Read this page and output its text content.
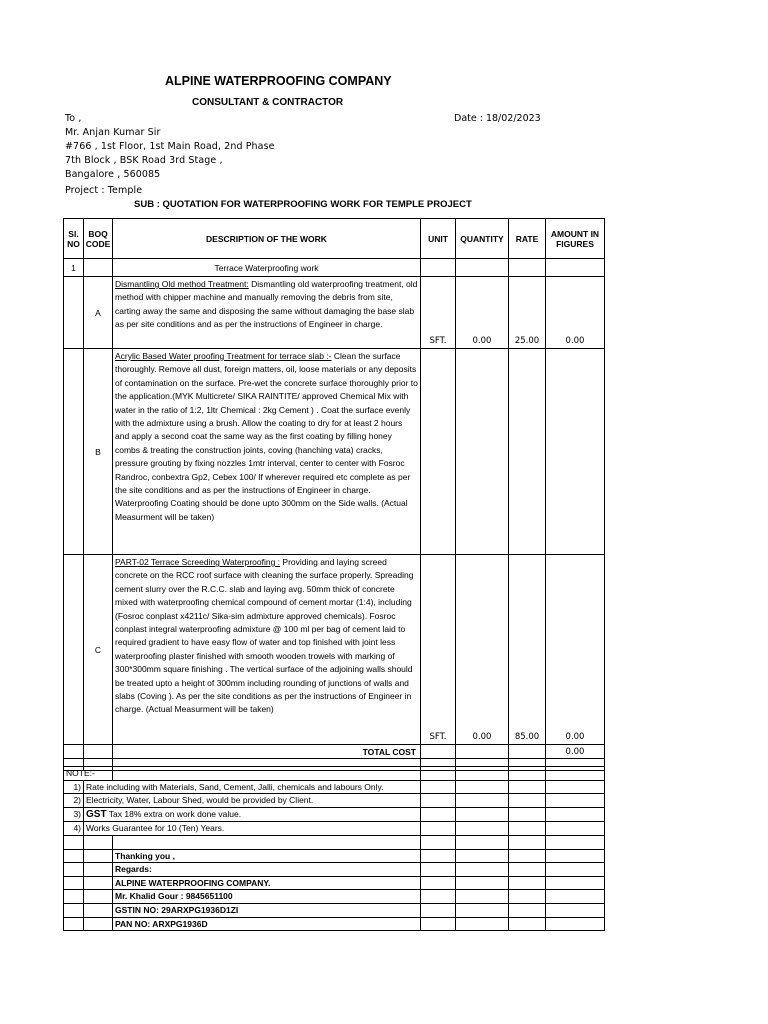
ALPINE WATERPROOFING COMPANY
CONSULTANT & CONTRACTOR
To ,	Date : 18/02/2023
Mr. Anjan Kumar Sir
#766 , 1st Floor, 1st Main Road, 2nd Phase
7th Block , BSK Road 3rd Stage ,
Bangalore , 560085
Project : Temple
SUB : QUOTATION FOR WATERPROOFING WORK FOR TEMPLE PROJECT
Sl. NO	BOQ CODE	DESCRIPTION OF THE WORK	UNIT	QUANTITY	RATE	AMOUNT IN FIGURES
1		Terrace Waterproofing work				
	A	Dismantling Old method Treatment: Dismantling old waterproofing treatment, old method with chipper machine and manually removing the debris from site, carting away the same and disposing the same without damaging the base slab as per site conditions and as per the instructions of Engineer in charge.	SFT.	0.00	25.00	0.00
	B	Acrylic Based Water proofing Treatment for terrace slab :- Clean the surface thoroughly. Remove all dust, foreign matters, oil, loose materials or any deposits of contamination on the surface. Pre-wet the concrete surface thoroughly prior to the application.(MYK Multicrete/ SIKA RAINTITE/ approved Chemical Mix with water in the ratio of 1:2, 1ltr Chemical : 2kg Cement ) . Coat the surface evenly with the admixture using a brush. Allow the coating to dry for at least 2 hours and apply a second coat the same way as the first coating by filling honey combs & treating the construction joints, coving (hanching vata) cracks, pressure grouting by fixing nozzles 1mtr interval, center to center with Fosroc Randroc, conbextra Gp2, Cebex 100/ If wherever required etc complete as per the site conditions and as per the instructions of Engineer in charge. Waterproofing Coating should be done upto 300mm on the Side walls. (Actual Measurment will be taken)				
	C	PART-02 Terrace Screeding Waterproofing : Providing and laying screed concrete on the RCC roof surface with cleaning the surface properly. Spreading cement slurry over the R.C.C. slab and laying avg. 50mm thick of concrete mixed with waterproofing chemical compound of cement mortar (1:4), including (Fosroc conplast x4211c/ Sika-sim admixture approved chemicals). Fosroc conplast integral waterproofing admixture @ 100 ml per bag of cement laid to required gradient to have easy flow of water and top finished with joint less waterproofing plaster finished with smooth wooden trowels with marking of 300*300mm square finishing . The vertical surface of the adjoining walls should be treated upto a height of 300mm including rounding of junctions of walls and slabs (Coving ). As per the site conditions as per the instructions of Engineer in charge. (Actual Measurment will be taken)	SFT.	0.00	85.00	0.00
		TOTAL COST				0.00

NOTE:-						
1)	Rate including with Materials, Sand, Cement, Jalli, chemicals and labours Only.					
2)	Electricity, Water, Labour Shed, would be provided by Client.					
3)	GST Tax 18% extra on work done value.					
4)	Works Guarantee for 10 (Ten) Years.					

		Thanking you ,				
		Regards:				
		ALPINE WATERPROOFING COMPANY.				
		Mr. Khalid Gour : 9845651100				
		GSTIN NO: 29ARXPG1936D1ZI				
		PAN NO: ARXPG1936D				
